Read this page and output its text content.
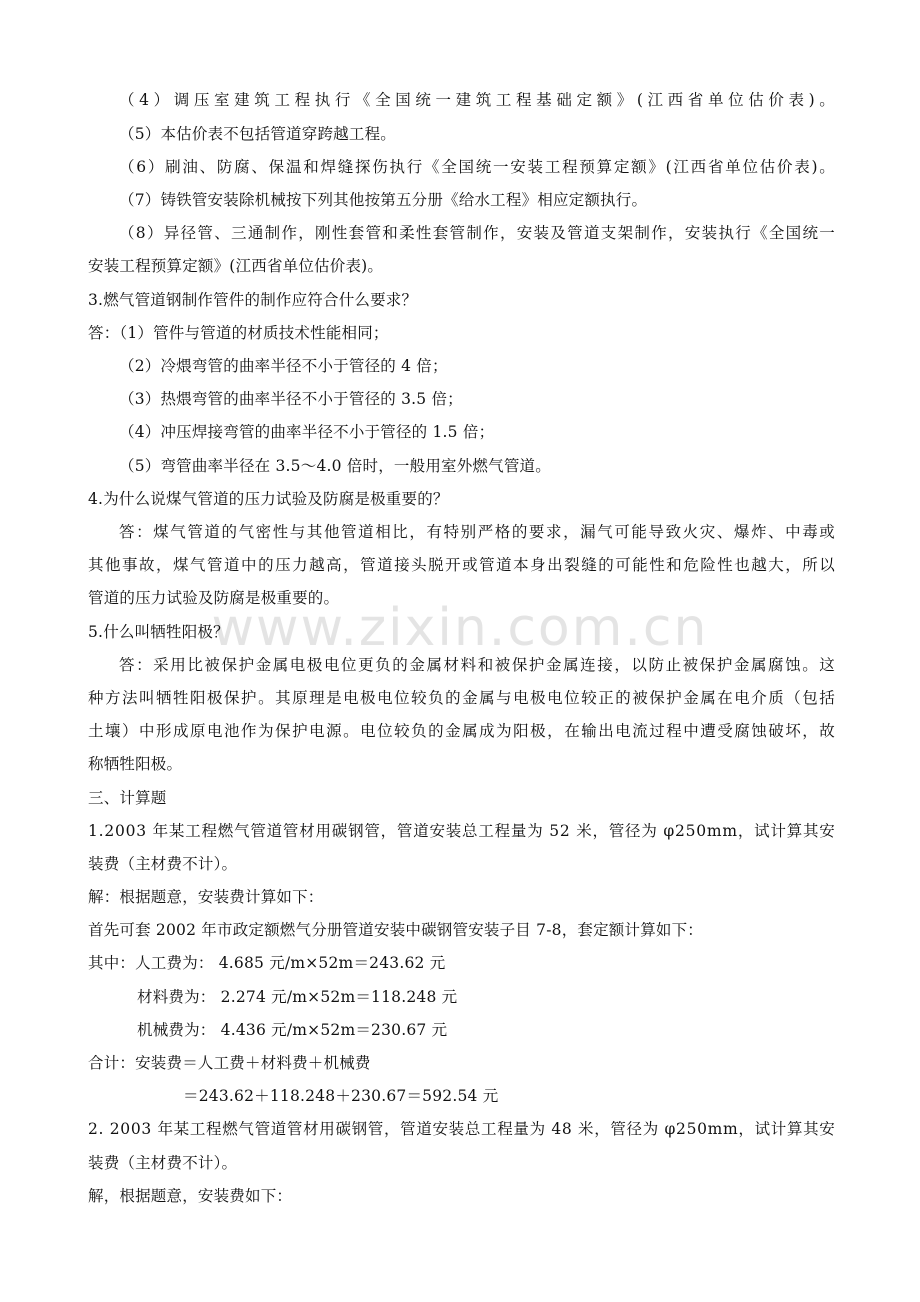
www.zixin.com.cn
（4）调压室建筑工程执行《全国统一建筑工程基础定额》(江西省单位估价表)。
（5）本估价表不包括管道穿跨越工程。
（6）刷油、防腐、保温和焊缝探伤执行《全国统一安装工程预算定额》(江西省单位估价表)。
（7）铸铁管安装除机械按下列其他按第五分册《给水工程》相应定额执行。
（8）异径管、三通制作，刚性套管和柔性套管制作，安装及管道支架制作，安装执行《全国统一
安装工程预算定额》(江西省单位估价表)。
3.燃气管道钢制作管件的制作应符合什么要求？
答：（1）管件与管道的材质技术性能相同；
（2）冷煨弯管的曲率半径不小于管径的 4 倍；
（3）热煨弯管的曲率半径不小于管径的 3.5 倍；
（4）冲压焊接弯管的曲率半径不小于管径的 1.5 倍；
（5）弯管曲率半径在 3.5～4.0 倍时，一般用室外燃气管道。
4.为什么说煤气管道的压力试验及防腐是极重要的？
答：煤气管道的气密性与其他管道相比，有特别严格的要求，漏气可能导致火灾、爆炸、中毒或
其他事故，煤气管道中的压力越高，管道接头脱开或管道本身出裂缝的可能性和危险性也越大，所以
管道的压力试验及防腐是极重要的。
5.什么叫牺牲阳极？
答：采用比被保护金属电极电位更负的金属材料和被保护金属连接，以防止被保护金属腐蚀。这
种方法叫牺牲阳极保护。其原理是电极电位较负的金属与电极电位较正的被保护金属在电介质（包括
土壤）中形成原电池作为保护电源。电位较负的金属成为阳极，在输出电流过程中遭受腐蚀破坏，故
称牺牲阳极。
三、计算题
1.2003 年某工程燃气管道管材用碳钢管，管道安装总工程量为 52 米，管径为 φ250mm，试计算其安
装费（主材费不计）。
解：根据题意，安装费计算如下：
首先可套 2002 年市政定额燃气分册管道安装中碳钢管安装子目 7-8，套定额计算如下：
其中：人工费为： 4.685 元/m×52m＝243.62 元
材料费为： 2.274 元/m×52m＝118.248 元
机械费为： 4.436 元/m×52m＝230.67 元
合计：安装费＝人工费＋材料费＋机械费
＝243.62＋118.248＋230.67＝592.54 元
2. 2003 年某工程燃气管道管材用碳钢管，管道安装总工程量为 48 米，管径为 φ250mm，试计算其安
装费（主材费不计）。
解，根据题意，安装费如下：
